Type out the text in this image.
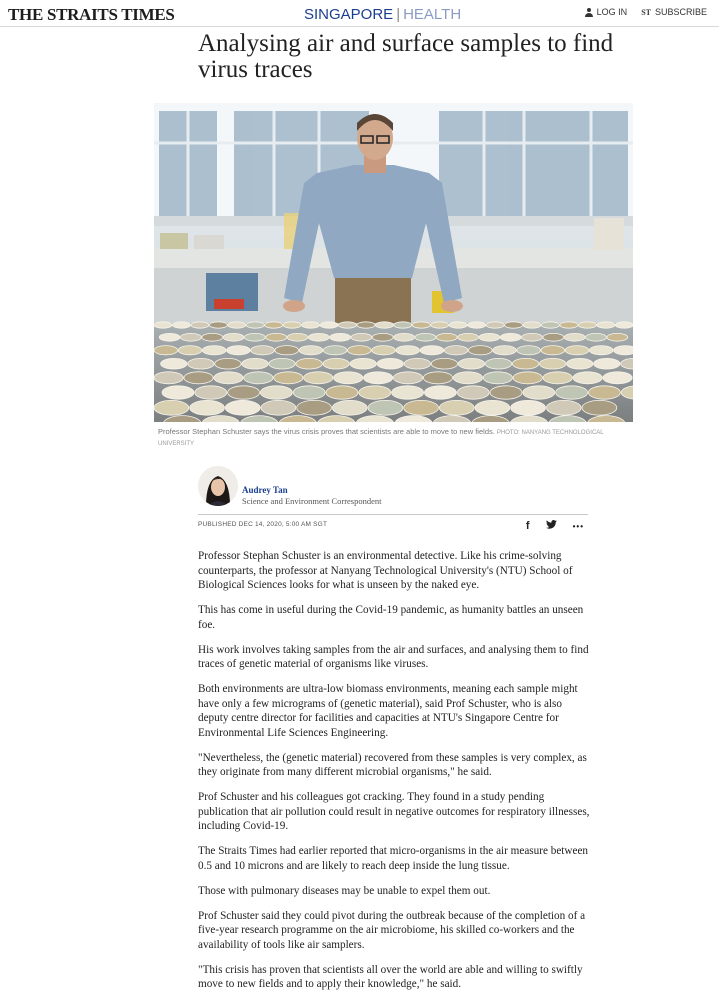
THE STRAITS TIMES	SINGAPORE | HEALTH	LOG IN ST SUBSCRIBE
Analysing air and surface samples to find virus traces
Professor Stephan Schuster says the virus crisis proves that scientists are able to move to new fields. PHOTO: NANYANG TECHNOLOGICAL UNIVERSITY
Audrey Tan
Science and Environment Correspondent
PUBLISHED DEC 14, 2020, 5:00 AM SGT	f	•••

Professor Stephan Schuster is an environmental detective. Like his crime-solving counterparts, the professor at Nanyang Technological University's (NTU) School of Biological Sciences looks for what is unseen by the naked eye.

This has come in useful during the Covid-19 pandemic, as humanity battles an unseen foe.

His work involves taking samples from the air and surfaces, and analysing them to find traces of genetic material of organisms like viruses.

Both environments are ultra-low biomass environments, meaning each sample might have only a few micrograms of (genetic material), said Prof Schuster, who is also deputy centre director for facilities and capacities at NTU's Singapore Centre for Environmental Life Sciences Engineering.

"Nevertheless, the (genetic material) recovered from these samples is very complex, as they originate from many different microbial organisms," he said.

Prof Schuster and his colleagues got cracking. They found in a study pending publication that air pollution could result in negative outcomes for respiratory illnesses, including Covid-19.

The Straits Times had earlier reported that micro-organisms in the air measure between 0.5 and 10 microns and are likely to reach deep inside the lung tissue.

Those with pulmonary diseases may be unable to expel them out.

Prof Schuster said they could pivot during the outbreak because of the completion of a five-year research programme on the air microbiome, his skilled co-workers and the availability of tools like air samplers.

"This crisis has proven that scientists all over the world are able and willing to swiftly move to new fields and to apply their knowledge," he said.
